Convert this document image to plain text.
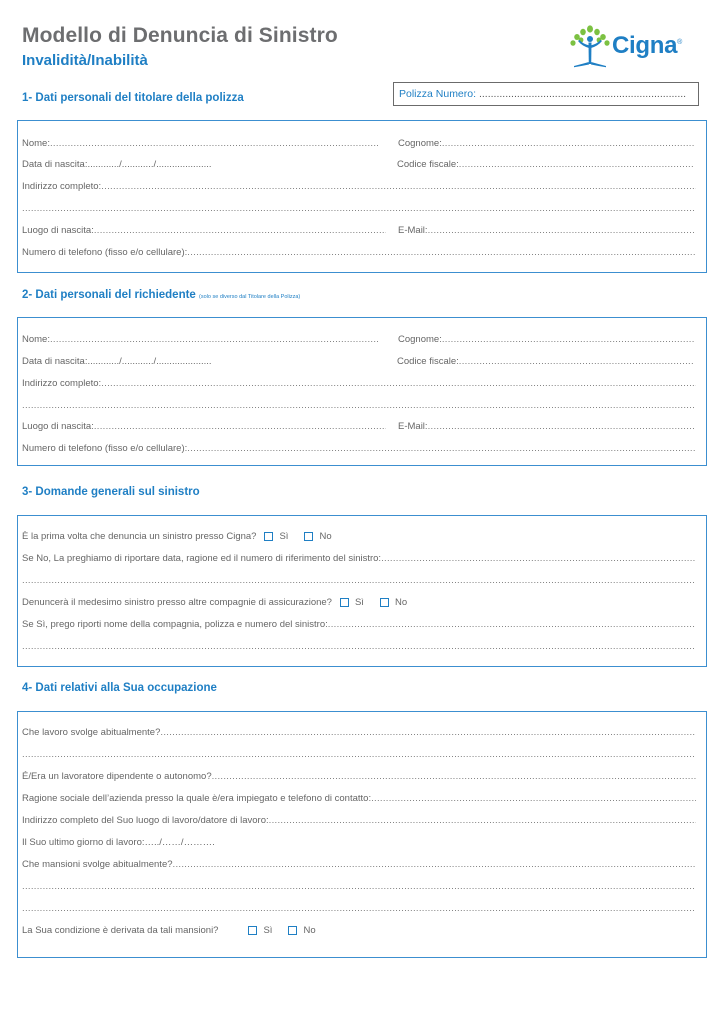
Modello di Denuncia di Sinistro
Invalidità/Inabilità
Cigna®
1- Dati personali del titolare della polizza	Polizza Numero: .......................................................................
Nome: .....	Cognome:
.....
Data di nascita: ............/............/.....................	Codice fiscale:
.....
Indirizzo completo:
.....
.....
Luogo di nascita: .....	E-Mail:
.....
Numero di telefono (fisso e/o cellulare):
.....
2- Dati personali del richiedente (solo se diverso dal Titolare della Polizza)
Nome: .....	Cognome:
.....
Data di nascita: ............/............/.....................	Codice fiscale:
.....
Indirizzo completo:
.....
.....
Luogo di nascita: .....	E-Mail:
.....
Numero di telefono (fisso e/o cellulare):
.....
3- Domande generali sul sinistro
È la prima volta che denuncia un sinistro presso Cigna? Sì	No
Se No, La preghiamo di riportare data, ragione ed il numero di riferimento del sinistro:
.....
.....
Denuncerà il medesimo sinistro presso altre compagnie di assicurazione? Sì	No
Se Sì, prego riporti nome della compagnia, polizza e numero del sinistro:
.....
.....
4- Dati relativi alla Sua occupazione
Che lavoro svolge abitualmente?
.....
.....
É/Era un lavoratore dipendente o autonomo?
.....
Ragione sociale dell’azienda presso la quale è/era impiegato e telefono di contatto:
.....
Indirizzo completo del Suo luogo di lavoro/datore di lavoro:
.....
Il Suo ultimo giorno di lavoro: …../……/……….
Che mansioni svolge abitualmente?
.....
.....
.....
La Sua condizione è derivata da tali mansioni?	Sì	No
